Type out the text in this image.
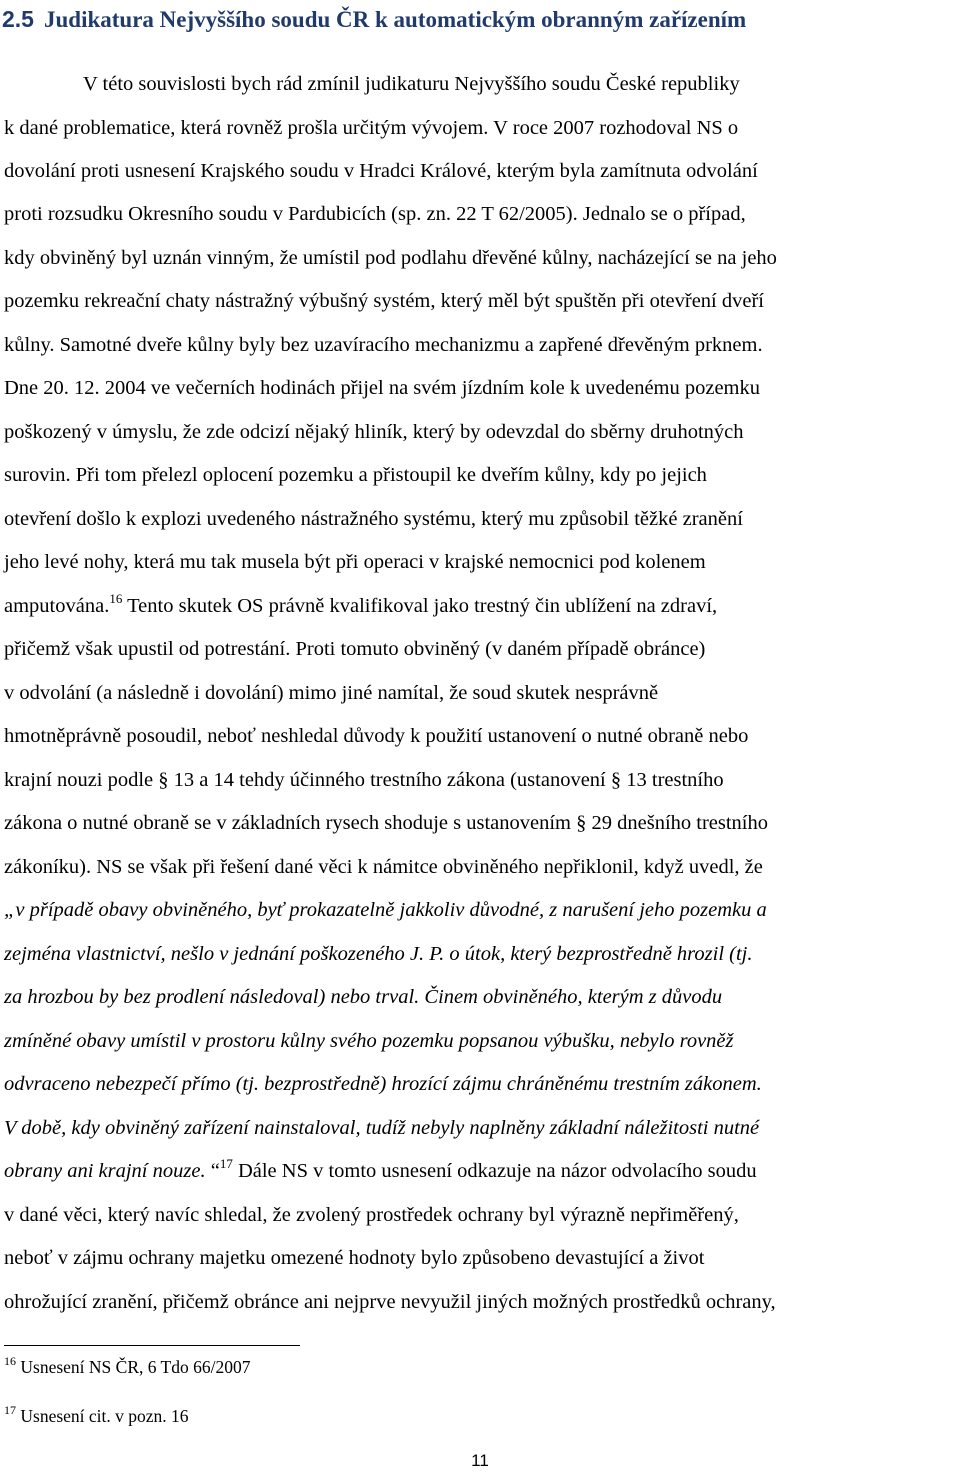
2.5 Judikatura Nejvyššího soudu ČR k automatickým obranným zařízením

V této souvislosti bych rád zmínil judikaturu Nejvyššího soudu České republiky

k dané problematice, která rovněž prošla určitým vývojem. V roce 2007 rozhodoval NS o

dovolání proti usnesení Krajského soudu v Hradci Králové, kterým byla zamítnuta odvolání

proti rozsudku Okresního soudu v Pardubicích (sp. zn. 22 T 62/2005). Jednalo se o případ,

kdy obviněný byl uznán vinným, že umístil pod podlahu dřevěné kůlny, nacházející se na jeho

pozemku rekreační chaty nástražný výbušný systém, který měl být spuštěn při otevření dveří

kůlny. Samotné dveře kůlny byly bez uzavíracího mechanizmu a zapřené dřevěným prknem.

Dne 20. 12. 2004 ve večerních hodinách přijel na svém jízdním kole k uvedenému pozemku

poškozený v úmyslu, že zde odcizí nějaký hliník, který by odevzdal do sběrny druhotných

surovin. Při tom přelezl oplocení pozemku a přistoupil ke dveřím kůlny, kdy po jejich

otevření došlo k explozi uvedeného nástražného systému, který mu způsobil těžké zranění

jeho levé nohy, která mu tak musela být při operaci v krajské nemocnici pod kolenem

amputována.$^{16}$ Tento skutek OS právně kvalifikoval jako trestný čin ublížení na zdraví,

přičemž však upustil od potrestání. Proti tomuto obviněný (v daném případě obránce)

v odvolání (a následně i dovolání) mimo jiné namítal, že soud skutek nesprávně

hmotněprávně posoudil, neboť neshledal důvody k použití ustanovení o nutné obraně nebo

krajní nouzi podle § 13 a 14 tehdy účinného trestního zákona (ustanovení § 13 trestního

zákona o nutné obraně se v základních rysech shoduje s ustanovením § 29 dnešního trestního

zákoníku). NS se však při řešení dané věci k námitce obviněného nepřiklonil, když uvedl, že

„v případě obavy obviněného, byť prokazatelně jakkoliv důvodné, z narušení jeho pozemku a

zejména vlastnictví, nešlo v jednání poškozeného J. P. o útok, který bezprostředně hrozil (tj.

za hrozbou by bez prodlení následoval) nebo trval. Činem obviněného, kterým z důvodu

zmíněné obavy umístil v prostoru kůlny svého pozemku popsanou výbušku, nebylo rovněž

odvraceno nebezpečí přímo (tj. bezprostředně) hrozící zájmu chráněnému trestním zákonem.

V době, kdy obviněný zařízení nainstaloval, tudíž nebyly naplněny základní náležitosti nutné

obrany ani krajní nouze. “$^{17}$ Dále NS v tomto usnesení odkazuje na názor odvolacího soudu

v dané věci, který navíc shledal, že zvolený prostředek ochrany byl výrazně nepřiměřený,

neboť v zájmu ochrany majetku omezené hodnoty bylo způsobeno devastující a život

ohrožující zranění, přičemž obránce ani nejprve nevyužil jiných možných prostředků ochrany,

$^{16}$ Usnesení NS ČR, 6 Tdo 66/2007

$^{17}$ Usnesení cit. v pozn. 16

11
